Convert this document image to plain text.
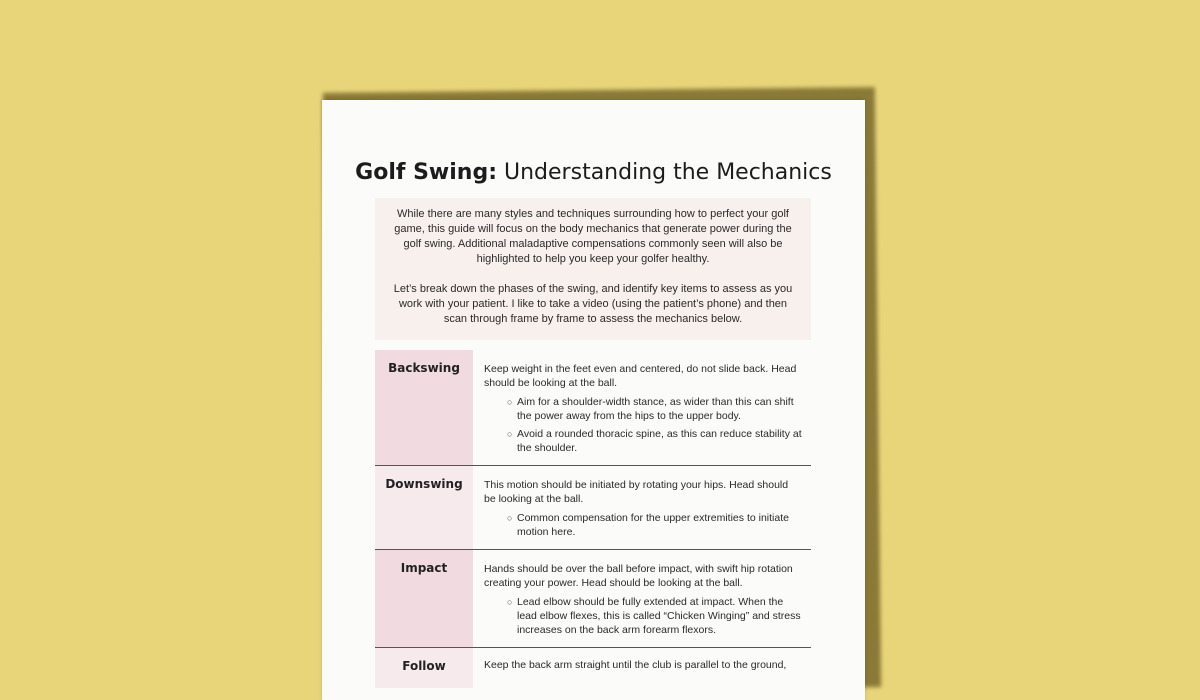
Golf Swing: Understanding the Mechanics

While there are many styles and techniques surrounding how to perfect your golf game, this guide will focus on the body mechanics that generate power during the golf swing. Additional maladaptive compensations commonly seen will also be highlighted to help you keep your golfer healthy.

Let’s break down the phases of the swing, and identify key items to assess as you work with your patient. I like to take a video (using the patient’s phone) and then scan through frame by frame to assess the mechanics below.

Backswing	Keep weight in the feet even and centered, do not slide back. Head should be looking at the ball.

○ Aim for a shoulder-width stance, as wider than this can shift the power away from the hips to the upper body.
○ Avoid a rounded thoracic spine, as this can reduce stability at the shoulder.
Downswing	This motion should be initiated by rotating your hips. Head should be looking at the ball.

○ Common compensation for the upper extremities to initiate motion here.
Impact	Hands should be over the ball before impact, with swift hip rotation creating your power. Head should be looking at the ball.

○ Lead elbow should be fully extended at impact. When the lead elbow flexes, this is called “Chicken Winging” and stress increases on the back arm forearm flexors.
Follow	Keep the back arm straight until the club is parallel to the ground,
